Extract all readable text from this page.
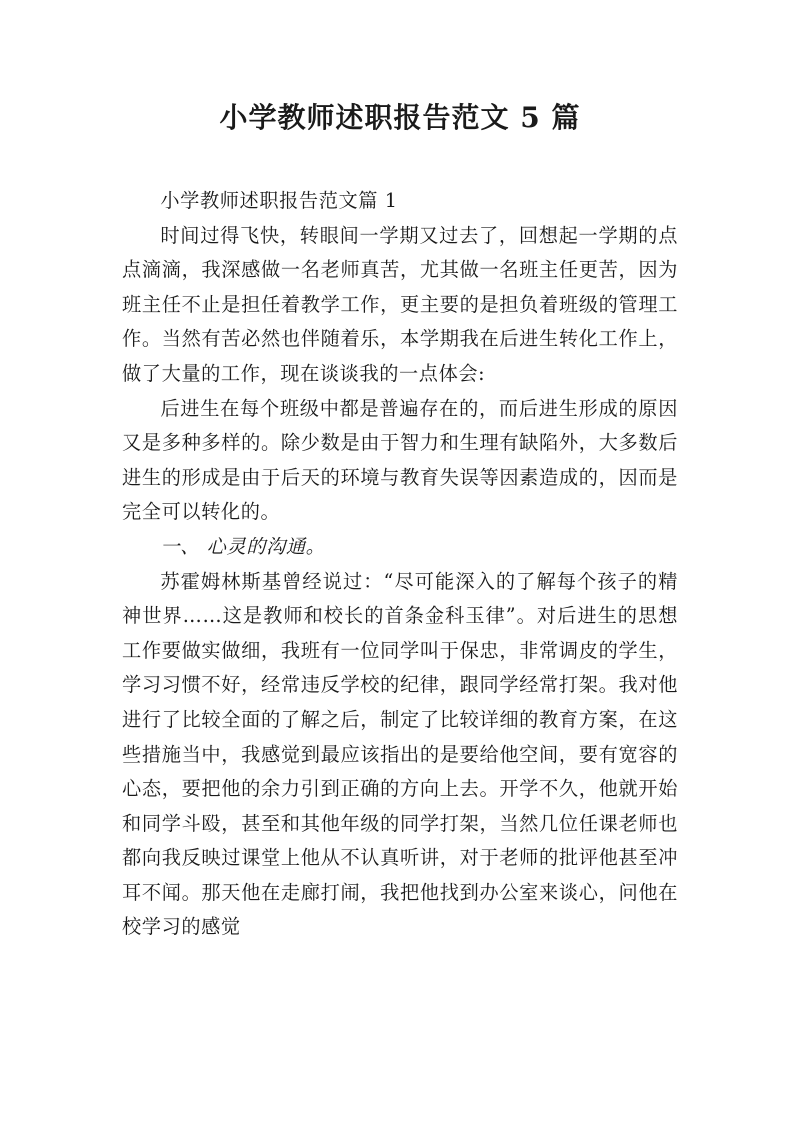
小学教师述职报告范文 5 篇

小学教师述职报告范文篇 1

时间过得飞快，转眼间一学期又过去了，回想起一学期的点点滴滴，我深感做一名老师真苦，尤其做一名班主任更苦，因为班主任不止是担任着教学工作，更主要的是担负着班级的管理工作。当然有苦必然也伴随着乐，本学期我在后进生转化工作上，做了大量的工作，现在谈谈我的一点体会:

后进生在每个班级中都是普遍存在的，而后进生形成的原因又是多种多样的。除少数是由于智力和生理有缺陷外，大多数后进生的形成是由于后天的环境与教育失误等因素造成的，因而是完全可以转化的。

一、 心灵的沟通。

苏霍姆林斯基曾经说过：“尽可能深入的了解每个孩子的精神世界……这是教师和校长的首条金科玉律”。对后进生的思想工作要做实做细，我班有一位同学叫于保忠，非常调皮的学生，学习习惯不好，经常违反学校的纪律，跟同学经常打架。我对他进行了比较全面的了解之后，制定了比较详细的教育方案，在这些措施当中，我感觉到最应该指出的是要给他空间，要有宽容的心态，要把他的余力引到正确的方向上去。开学不久，他就开始和同学斗殴，甚至和其他年级的同学打架，当然几位任课老师也都向我反映过课堂上他从不认真听讲，对于老师的批评他甚至冲耳不闻。那天他在走廊打闹，我把他找到办公室来谈心，问他在校学习的感觉
